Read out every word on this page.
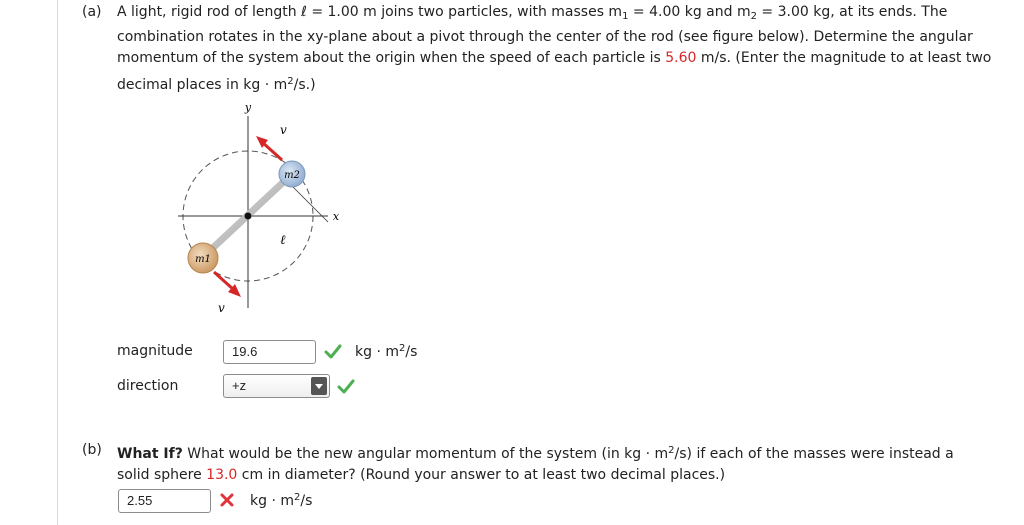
(a) A light, rigid rod of length ℓ = 1.00 m joins two particles, with masses $m_1 = 4.00$ kg and $m_2 = 3.00$ kg, at its ends. The
combination rotates in the xy-plane about a pivot through the center of the rod (see figure below). Determine the angular
momentum of the system about the origin when the speed of each particle is 5.60 m/s. (Enter the magnitude to at least two
decimal places in kg · $m^2/s$.)
y
x
ℓ
v
v
m2
m1
magnitude	19.6	kg · $m^2/s$
direction	+z
(b) What If? What would be the new angular momentum of the system (in kg · $m^2/s$) if each of the masses were instead a
solid sphere 13.0 cm in diameter? (Round your answer to at least two decimal places.)
2.55	kg · $m^2/s$
